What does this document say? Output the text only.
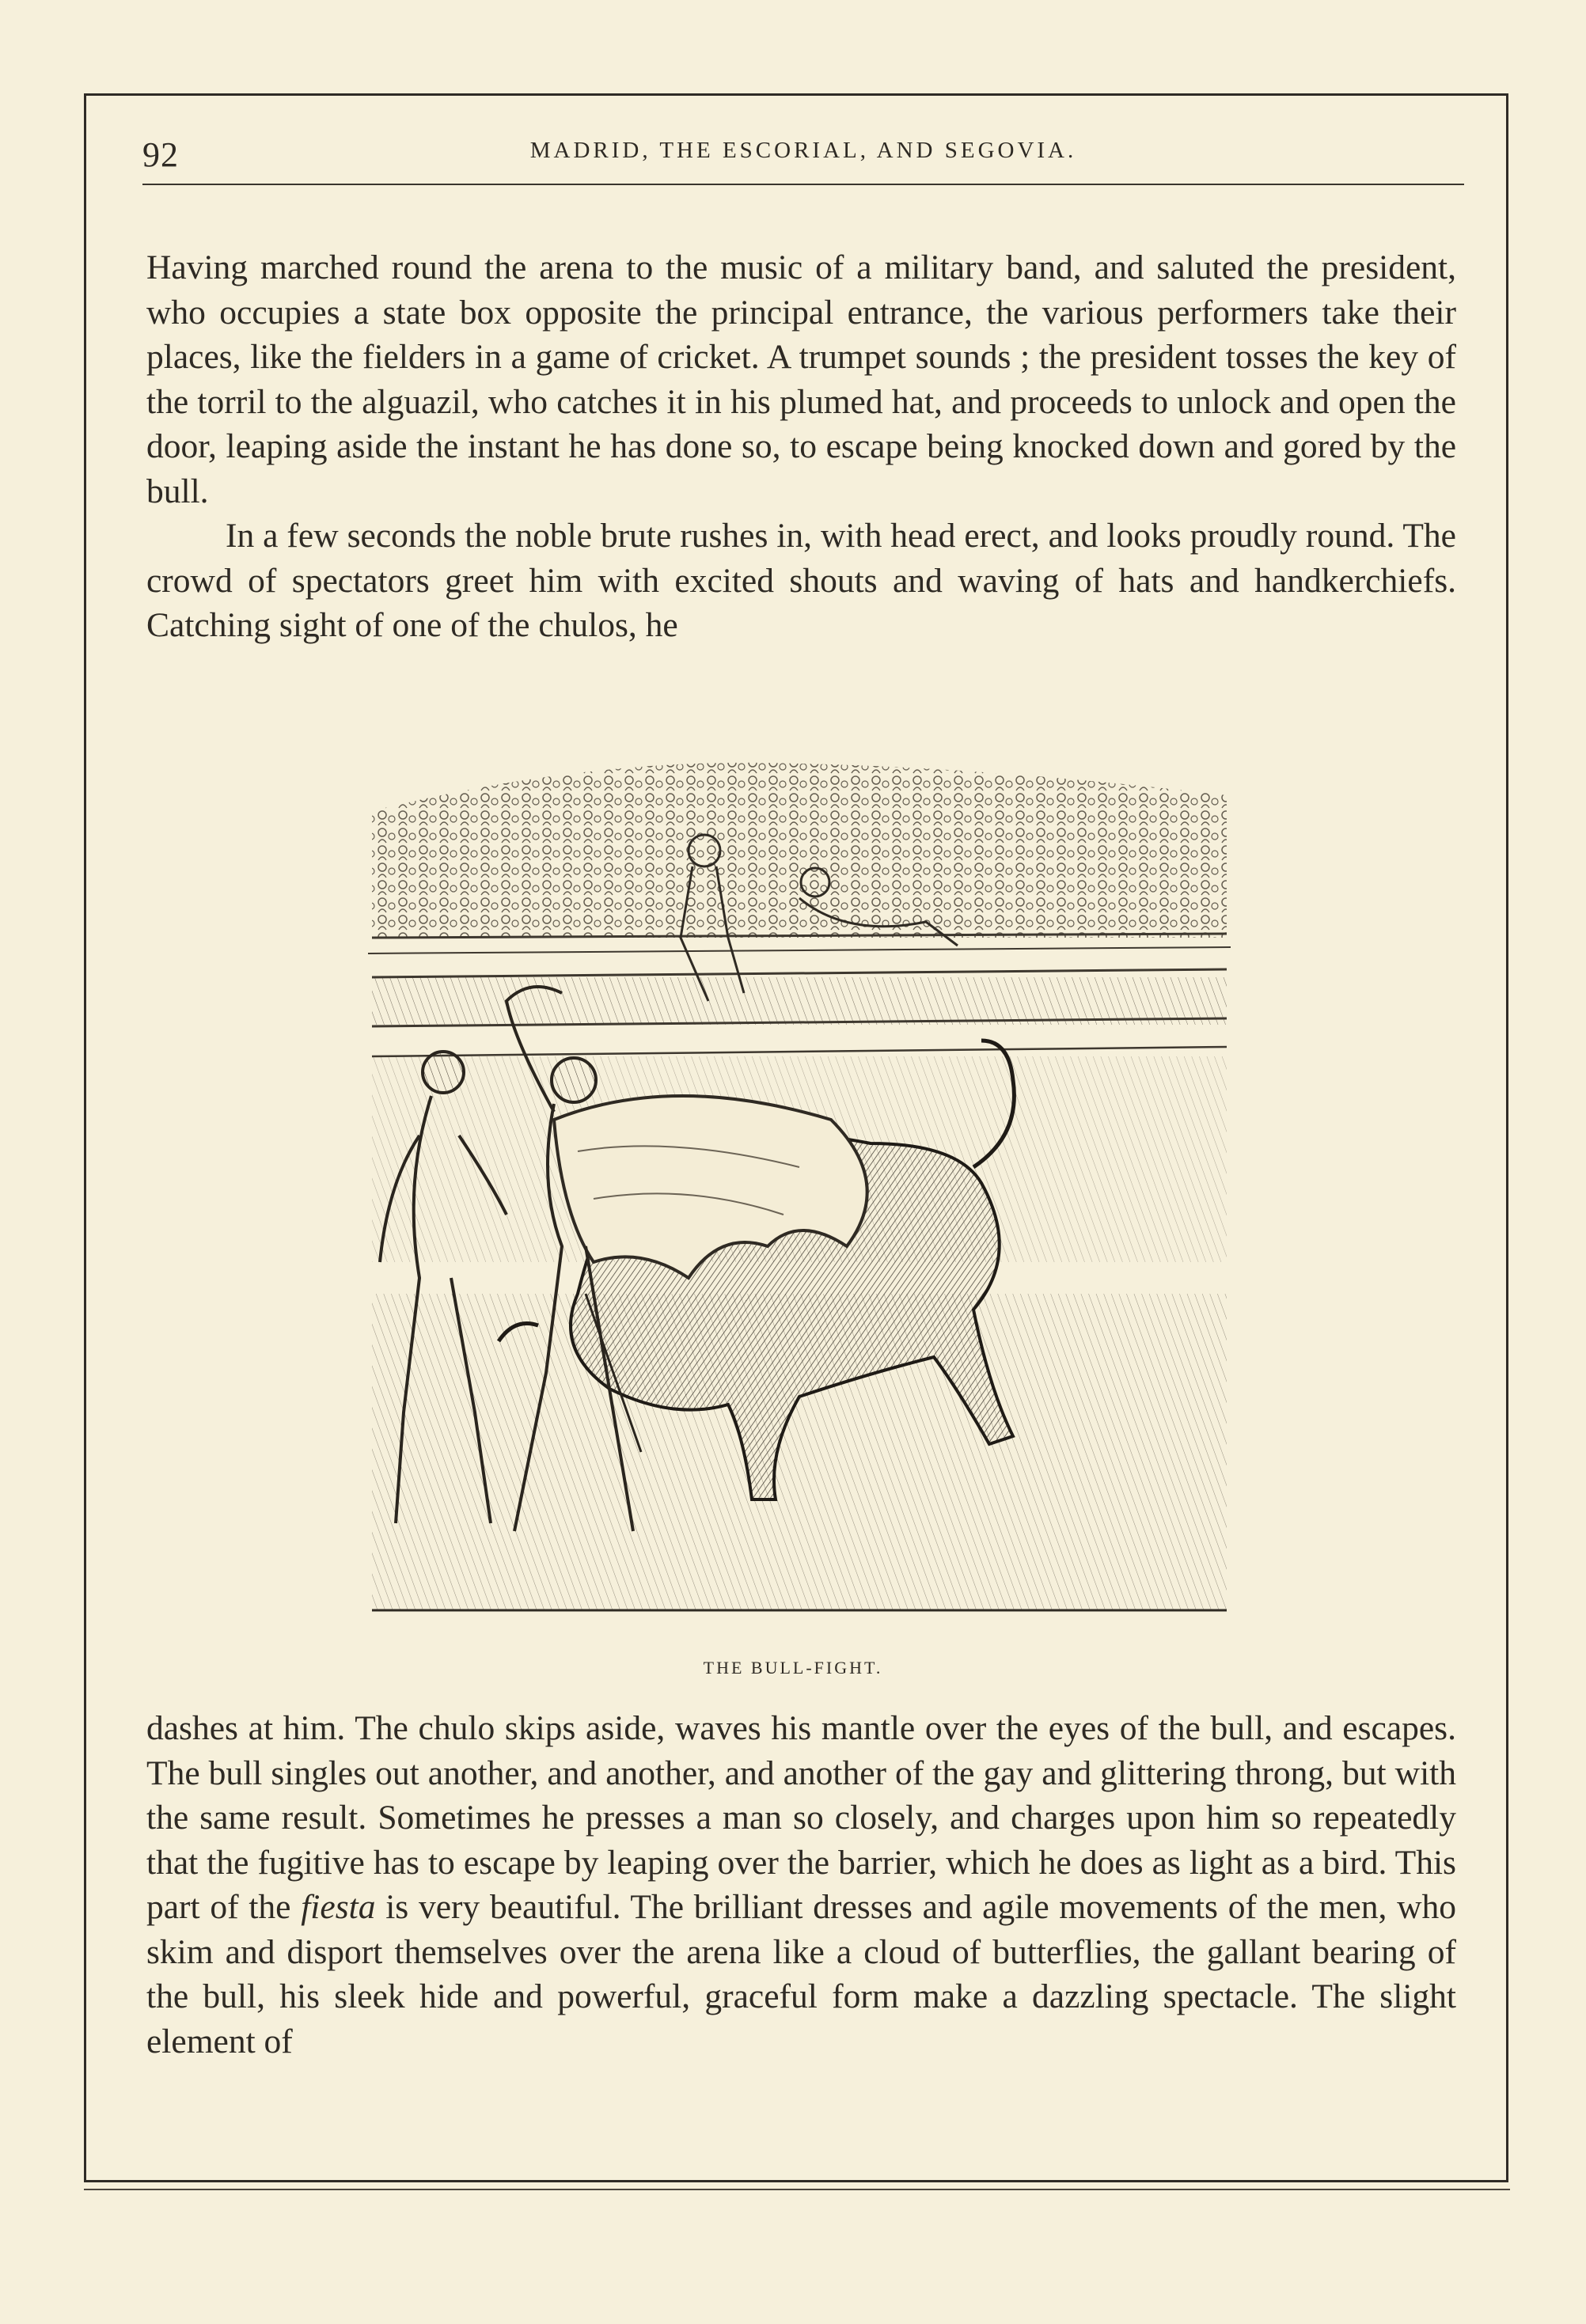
92	MADRID, THE ESCORIAL, AND SEGOVIA.

Having marched round the arena to the music of a military band, and saluted the president, who occupies a state box opposite the principal entrance, the various performers take their places, like the fielders in a game of cricket. A trumpet sounds ; the president tosses the key of the torril to the alguazil, who catches it in his plumed hat, and proceeds to unlock and open the door, leaping aside the instant he has done so, to escape being knocked down and gored by the bull.

In a few seconds the noble brute rushes in, with head erect, and looks proudly round. The crowd of spectators greet him with excited shouts and waving of hats and handkerchiefs. Catching sight of one of the chulos, he

THE BULL-FIGHT.

dashes at him. The chulo skips aside, waves his mantle over the eyes of the bull, and escapes. The bull singles out another, and another, and another of the gay and glittering throng, but with the same result. Sometimes he presses a man so closely, and charges upon him so repeatedly that the fugitive has to escape by leaping over the barrier, which he does as light as a bird. This part of the fiesta is very beautiful. The brilliant dresses and agile movements of the men, who skim and disport themselves over the arena like a cloud of butterflies, the gallant bearing of the bull, his sleek hide and powerful, graceful form make a dazzling spectacle. The slight element of
